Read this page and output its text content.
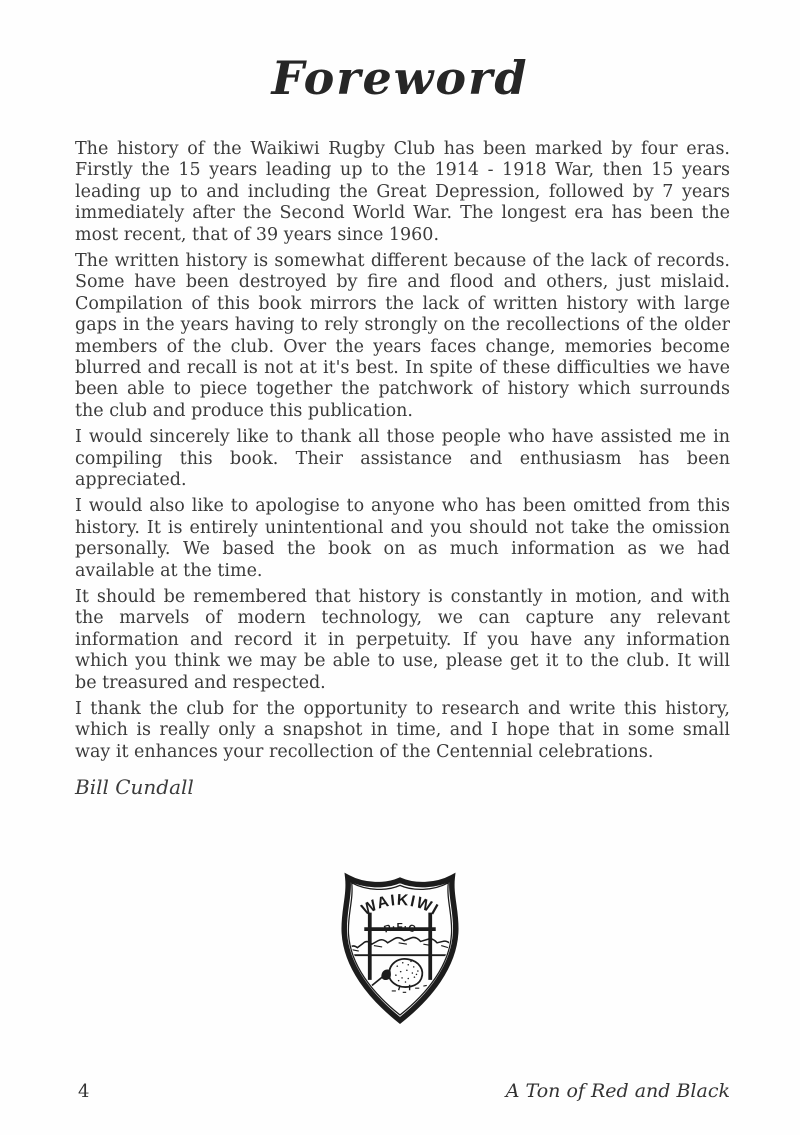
Foreword

The history of the Waikiwi Rugby Club has been marked by four eras. Firstly the 15 years leading up to the 1914 - 1918 War, then 15 years leading up to and including the Great Depression, followed by 7 years immediately after the Second World War. The longest era has been the most recent, that of 39 years since 1960.

The written history is somewhat different because of the lack of records. Some have been destroyed by fire and flood and others, just mislaid. Compilation of this book mirrors the lack of written history with large gaps in the years having to rely strongly on the recollections of the older members of the club. Over the years faces change, memories become blurred and recall is not at it's best. In spite of these difficulties we have been able to piece together the patchwork of history which surrounds the club and produce this publication.

I would sincerely like to thank all those people who have assisted me in compiling this book. Their assistance and enthusiasm has been appreciated.

I would also like to apologise to anyone who has been omitted from this history. It is entirely unintentional and you should not take the omission personally. We based the book on as much information as we had available at the time.

It should be remembered that history is constantly in motion, and with the marvels of modern technology, we can capture any relevant information and record it in perpetuity. If you have any information which you think we may be able to use, please get it to the club. It will be treasured and respected.

I thank the club for the opportunity to research and write this history, which is really only a snapshot in time, and I hope that in some small way it enhances your recollection of the Centennial celebrations.

Bill Cundall

WAIKIWI
R·F·C
4	A Ton of Red and Black
